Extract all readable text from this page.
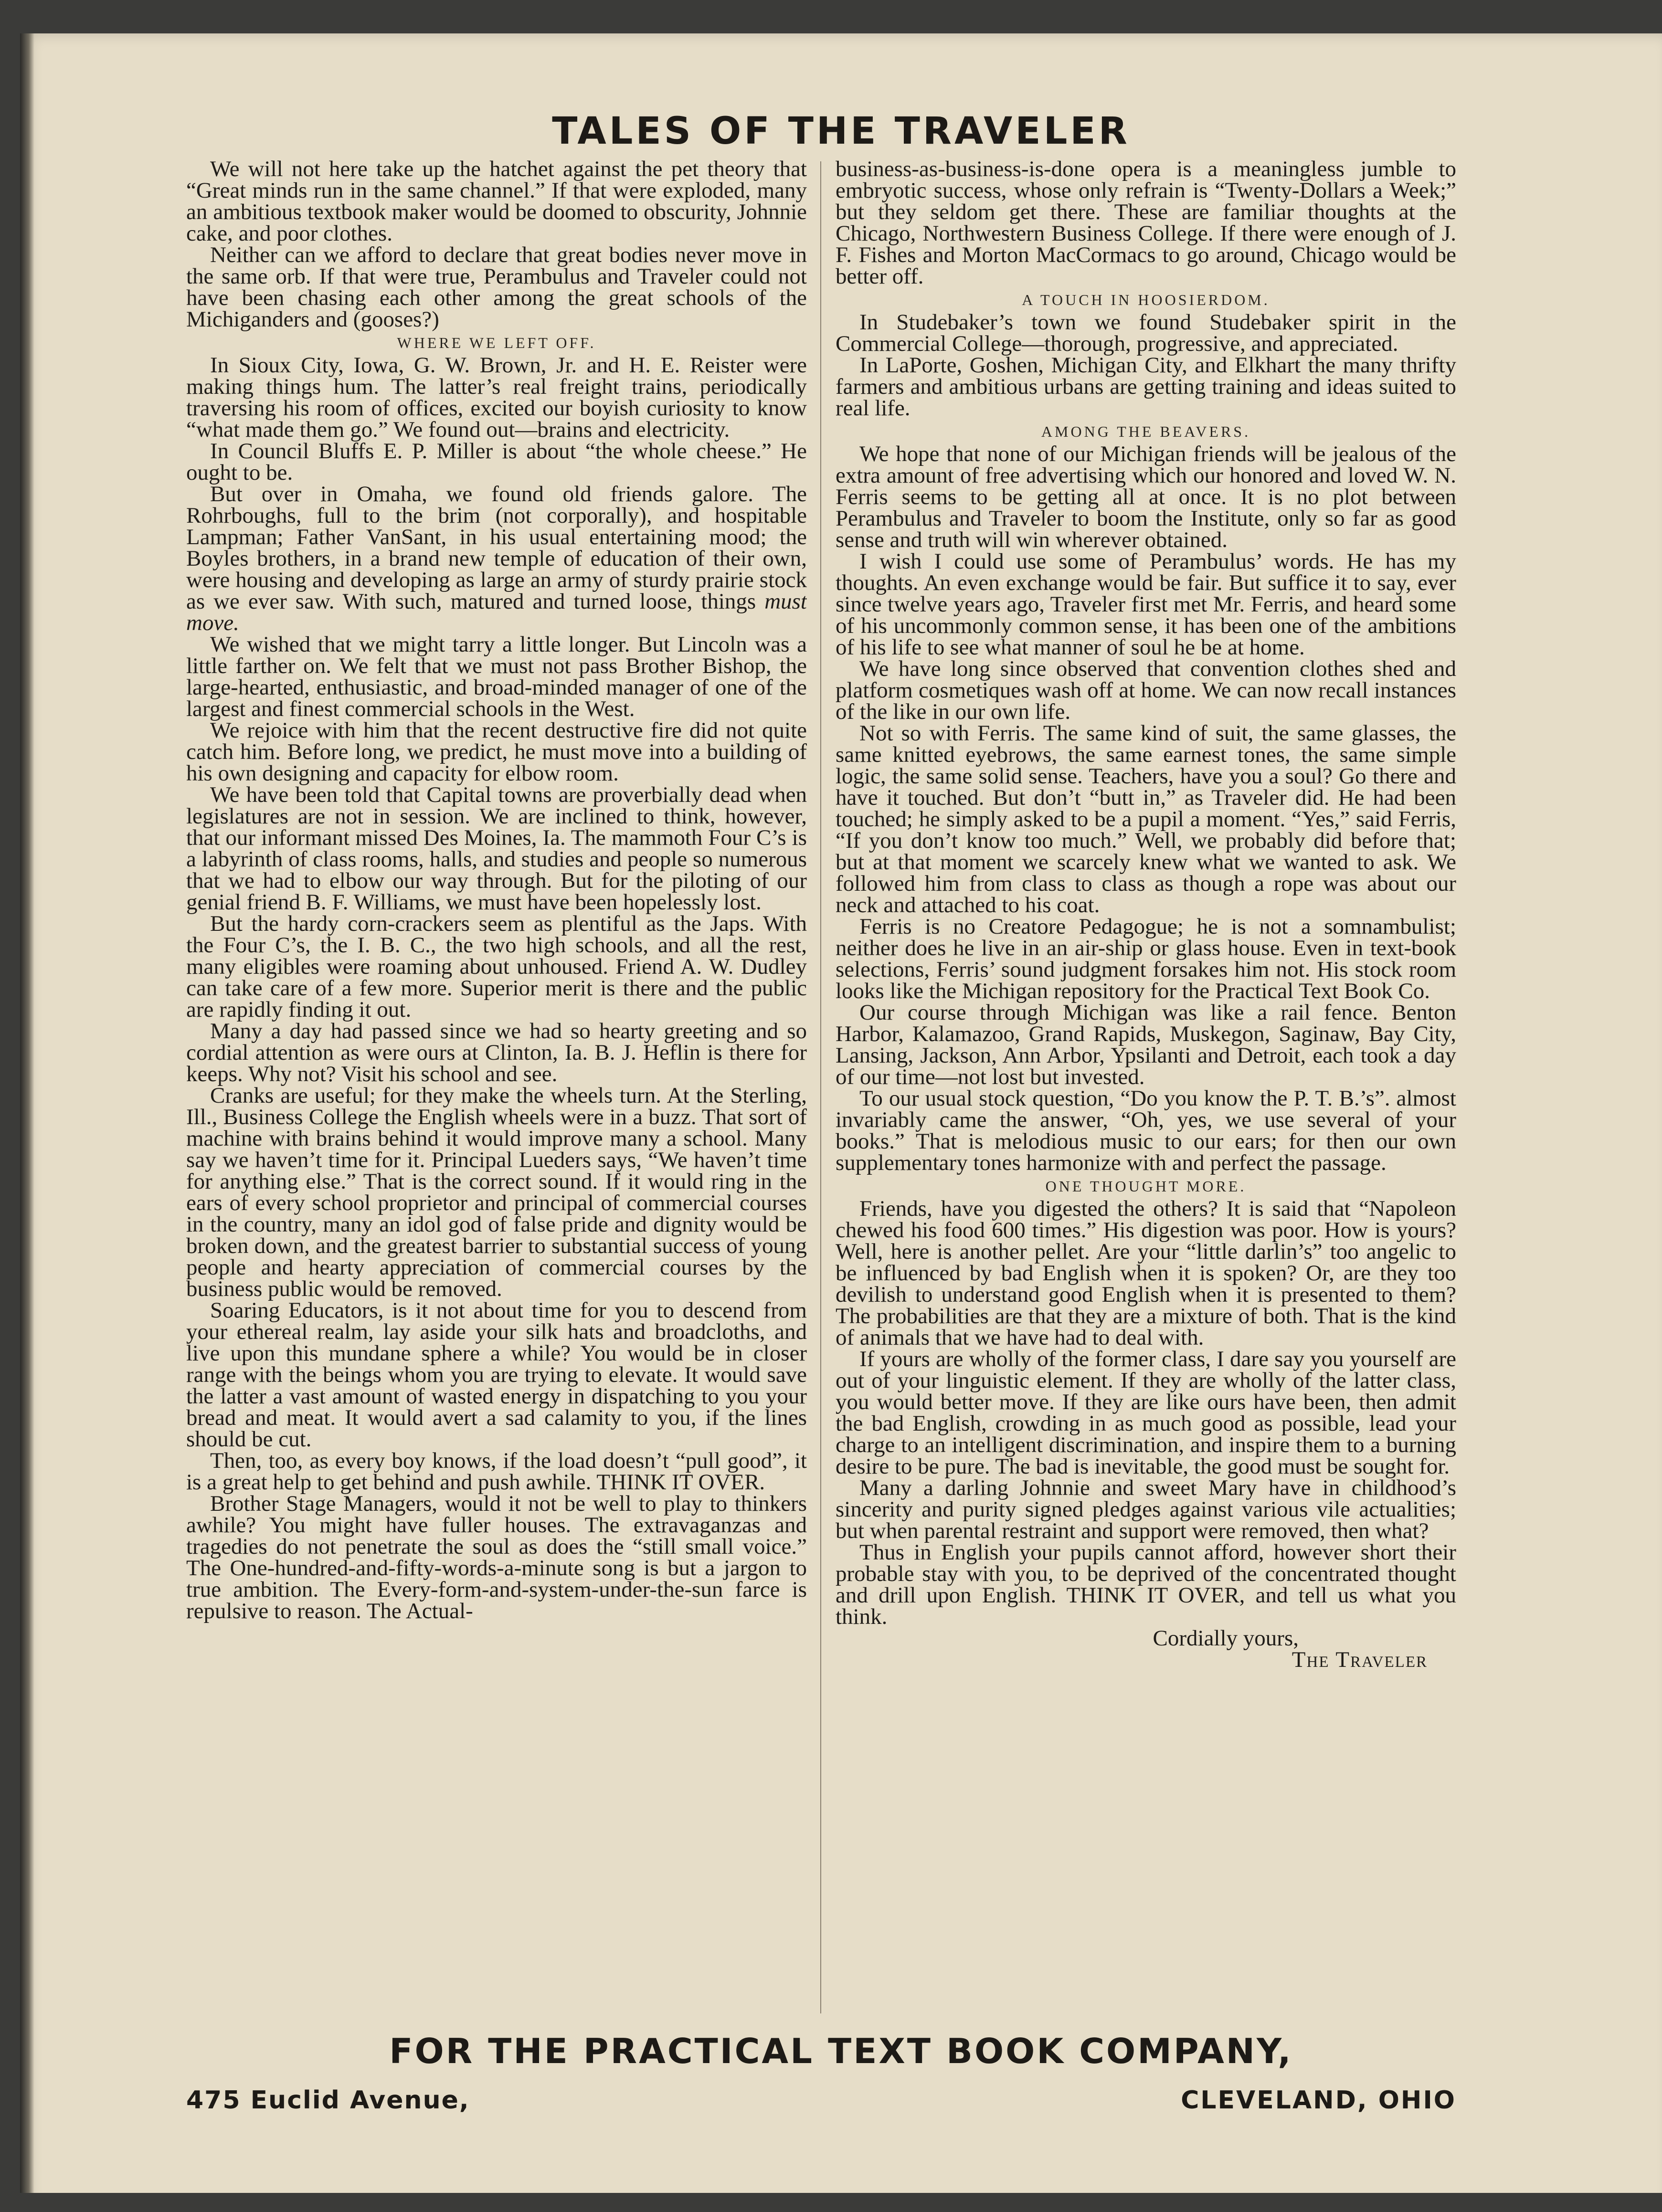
TALES OF THE TRAVELER

We will not here take up the hatchet against the pet theory that “Great minds run in the same channel.” If that were exploded, many an ambitious textbook maker would be doomed to obscurity, Johnnie cake, and poor clothes.

Neither can we afford to declare that great bodies never move in the same orb. If that were true, Perambulus and Traveler could not have been chasing each other among the great schools of the Michiganders and (gooses?)

WHERE WE LEFT OFF.

In Sioux City, Iowa, G. W. Brown, Jr. and H. E. Reister were making things hum. The latter’s real freight trains, periodically traversing his room of offices, excited our boyish curiosity to know “what made them go.” We found out—brains and electricity.

In Council Bluffs E. P. Miller is about “the whole cheese.” He ought to be.

But over in Omaha, we found old friends galore. The Rohrboughs, full to the brim (not corporally), and hospitable Lampman; Father VanSant, in his usual entertaining mood; the Boyles brothers, in a brand new temple of education of their own, were housing and developing as large an army of sturdy prairie stock as we ever saw. With such, matured and turned loose, things must move.

We wished that we might tarry a little longer. But Lincoln was a little farther on. We felt that we must not pass Brother Bishop, the large-hearted, enthusiastic, and broad-minded manager of one of the largest and finest commercial schools in the West.

We rejoice with him that the recent destructive fire did not quite catch him. Before long, we predict, he must move into a building of his own designing and capacity for elbow room.

We have been told that Capital towns are proverbially dead when legislatures are not in session. We are inclined to think, however, that our informant missed Des Moines, Ia. The mammoth Four C’s is a labyrinth of class rooms, halls, and studies and people so numerous that we had to elbow our way through. But for the piloting of our genial friend B. F. Williams, we must have been hopelessly lost.

But the hardy corn-crackers seem as plentiful as the Japs. With the Four C’s, the I. B. C., the two high schools, and all the rest, many eligibles were roaming about unhoused. Friend A. W. Dudley can take care of a few more. Superior merit is there and the public are rapidly finding it out.

Many a day had passed since we had so hearty greeting and so cordial attention as were ours at Clinton, Ia. B. J. Heflin is there for keeps. Why not? Visit his school and see.

Cranks are useful; for they make the wheels turn. At the Sterling, Ill., Business College the English wheels were in a buzz. That sort of machine with brains behind it would improve many a school. Many say we haven’t time for it. Principal Lueders says, “We haven’t time for anything else.” That is the correct sound. If it would ring in the ears of every school proprietor and principal of commercial courses in the country, many an idol god of false pride and dignity would be broken down, and the greatest barrier to substantial success of young people and hearty appreciation of commercial courses by the business public would be removed.

Soaring Educators, is it not about time for you to descend from your ethereal realm, lay aside your silk hats and broadcloths, and live upon this mundane sphere a while? You would be in closer range with the beings whom you are trying to elevate. It would save the latter a vast amount of wasted energy in dispatching to you your bread and meat. It would avert a sad calamity to you, if the lines should be cut.

Then, too, as every boy knows, if the load doesn’t “pull good”, it is a great help to get behind and push awhile. THINK IT OVER.

Brother Stage Managers, would it not be well to play to thinkers awhile? You might have fuller houses. The extravaganzas and tragedies do not penetrate the soul as does the “still small voice.” The One-hundred-and-fifty-words-a-minute song is but a jargon to true ambition. The Every-form-and-system-under-the-sun farce is repulsive to reason. The Actual-

business-as-business-is-done opera is a meaningless jumble to embryotic success, whose only refrain is “Twenty-Dollars a Week;” but they seldom get there. These are familiar thoughts at the Chicago, Northwestern Business College. If there were enough of J. F. Fishes and Morton MacCormacs to go around, Chicago would be better off.

A TOUCH IN HOOSIERDOM.

In Studebaker’s town we found Studebaker spirit in the Commercial College—thorough, progressive, and appreciated.

In LaPorte, Goshen, Michigan City, and Elkhart the many thrifty farmers and ambitious urbans are getting training and ideas suited to real life.

AMONG THE BEAVERS.

We hope that none of our Michigan friends will be jealous of the extra amount of free advertising which our honored and loved W. N. Ferris seems to be getting all at once. It is no plot between Perambulus and Traveler to boom the Institute, only so far as good sense and truth will win wherever obtained.

I wish I could use some of Perambulus’ words. He has my thoughts. An even exchange would be fair. But suffice it to say, ever since twelve years ago, Traveler first met Mr. Ferris, and heard some of his uncommonly common sense, it has been one of the ambitions of his life to see what manner of soul he be at home.

We have long since observed that convention clothes shed and platform cosmetiques wash off at home. We can now recall instances of the like in our own life.

Not so with Ferris. The same kind of suit, the same glasses, the same knitted eyebrows, the same earnest tones, the same simple logic, the same solid sense. Teachers, have you a soul? Go there and have it touched. But don’t “butt in,” as Traveler did. He had been touched; he simply asked to be a pupil a moment. “Yes,” said Ferris, “If you don’t know too much.” Well, we probably did before that; but at that moment we scarcely knew what we wanted to ask. We followed him from class to class as though a rope was about our neck and attached to his coat.

Ferris is no Creatore Pedagogue; he is not a somnambulist; neither does he live in an air-ship or glass house. Even in text-book selections, Ferris’ sound judgment forsakes him not. His stock room looks like the Michigan repository for the Practical Text Book Co.

Our course through Michigan was like a rail fence. Benton Harbor, Kalamazoo, Grand Rapids, Muskegon, Saginaw, Bay City, Lansing, Jackson, Ann Arbor, Ypsilanti and Detroit, each took a day of our time—not lost but invested.

To our usual stock question, “Do you know the P. T. B.’s”. almost invariably came the answer, “Oh, yes, we use several of your books.” That is melodious music to our ears; for then our own supplementary tones harmonize with and perfect the passage.

ONE THOUGHT MORE.

Friends, have you digested the others? It is said that “Napoleon chewed his food 600 times.” His digestion was poor. How is yours? Well, here is another pellet. Are your “little darlin’s” too angelic to be influenced by bad English when it is spoken? Or, are they too devilish to understand good English when it is presented to them? The probabilities are that they are a mixture of both. That is the kind of animals that we have had to deal with.

If yours are wholly of the former class, I dare say you yourself are out of your linguistic element. If they are wholly of the latter class, you would better move. If they are like ours have been, then admit the bad English, crowding in as much good as possible, lead your charge to an intelligent discrimination, and inspire them to a burning desire to be pure. The bad is inevitable, the good must be sought for.

Many a darling Johnnie and sweet Mary have in childhood’s sincerity and purity signed pledges against various vile actualities; but when parental restraint and support were removed, then what?

Thus in English your pupils cannot afford, however short their probable stay with you, to be deprived of the concentrated thought and drill upon English. THINK IT OVER, and tell us what you think.

Cordially yours,

The Traveler

FOR THE PRACTICAL TEXT BOOK COMPANY,
475 Euclid Avenue,	CLEVELAND, OHIO
